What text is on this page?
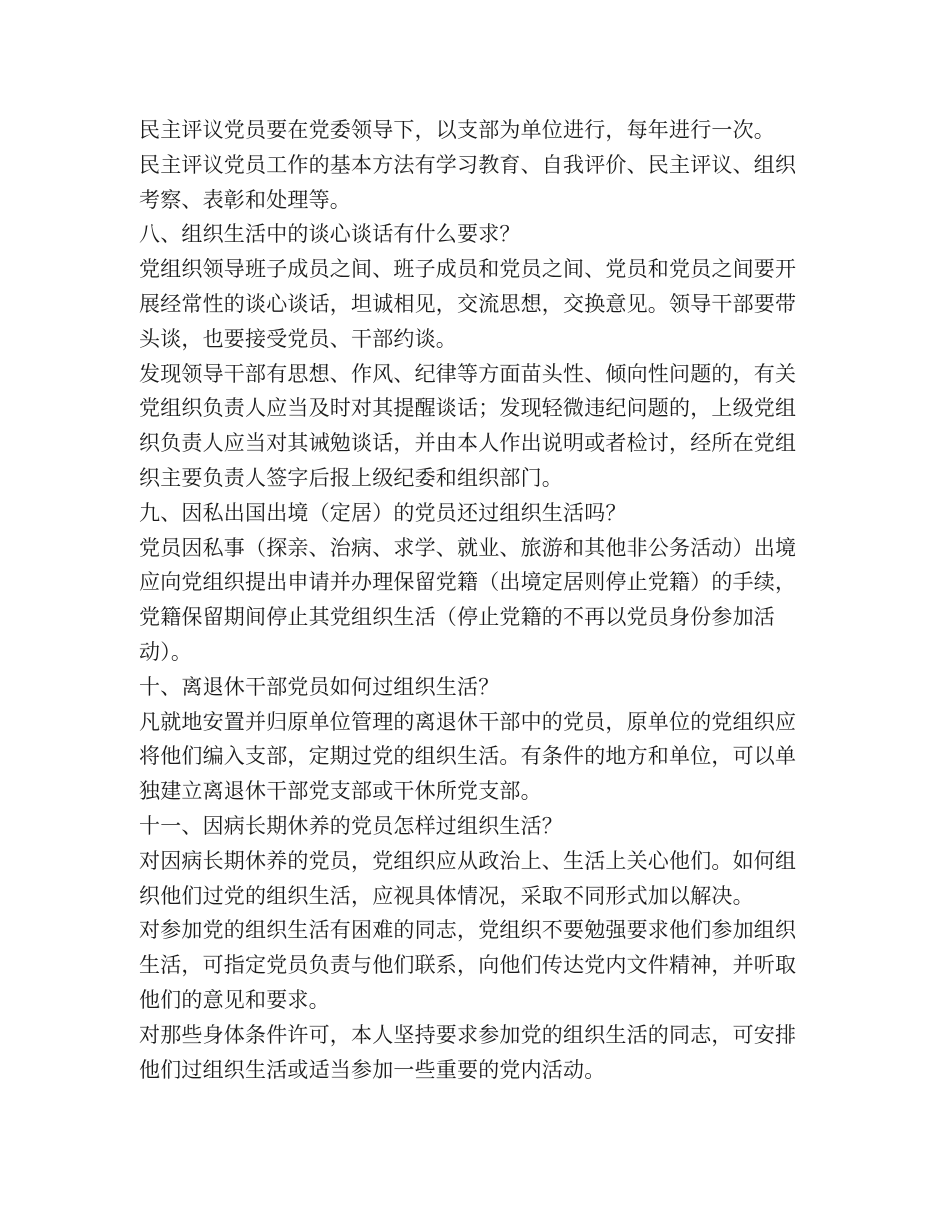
民主评议党员要在党委领导下，以支部为单位进行，每年进行一次。
民主评议党员工作的基本方法有学习教育、自我评价、民主评议、组织
考察、表彰和处理等。
八、组织生活中的谈心谈话有什么要求？
党组织领导班子成员之间、班子成员和党员之间、党员和党员之间要开
展经常性的谈心谈话，坦诚相见，交流思想，交换意见。领导干部要带
头谈，也要接受党员、干部约谈。
发现领导干部有思想、作风、纪律等方面苗头性、倾向性问题的，有关
党组织负责人应当及时对其提醒谈话；发现轻微违纪问题的，上级党组
织负责人应当对其诫勉谈话，并由本人作出说明或者检讨，经所在党组
织主要负责人签字后报上级纪委和组织部门。
九、因私出国出境（定居）的党员还过组织生活吗？
党员因私事（探亲、治病、求学、就业、旅游和其他非公务活动）出境
应向党组织提出申请并办理保留党籍（出境定居则停止党籍）的手续，
党籍保留期间停止其党组织生活（停止党籍的不再以党员身份参加活
动）。
十、离退休干部党员如何过组织生活？
凡就地安置并归原单位管理的离退休干部中的党员，原单位的党组织应
将他们编入支部，定期过党的组织生活。有条件的地方和单位，可以单
独建立离退休干部党支部或干休所党支部。
十一、因病长期休养的党员怎样过组织生活？
对因病长期休养的党员，党组织应从政治上、生活上关心他们。如何组
织他们过党的组织生活，应视具体情况，采取不同形式加以解决。
对参加党的组织生活有困难的同志，党组织不要勉强要求他们参加组织
生活，可指定党员负责与他们联系，向他们传达党内文件精神，并听取
他们的意见和要求。
对那些身体条件许可，本人坚持要求参加党的组织生活的同志，可安排
他们过组织生活或适当参加一些重要的党内活动。
